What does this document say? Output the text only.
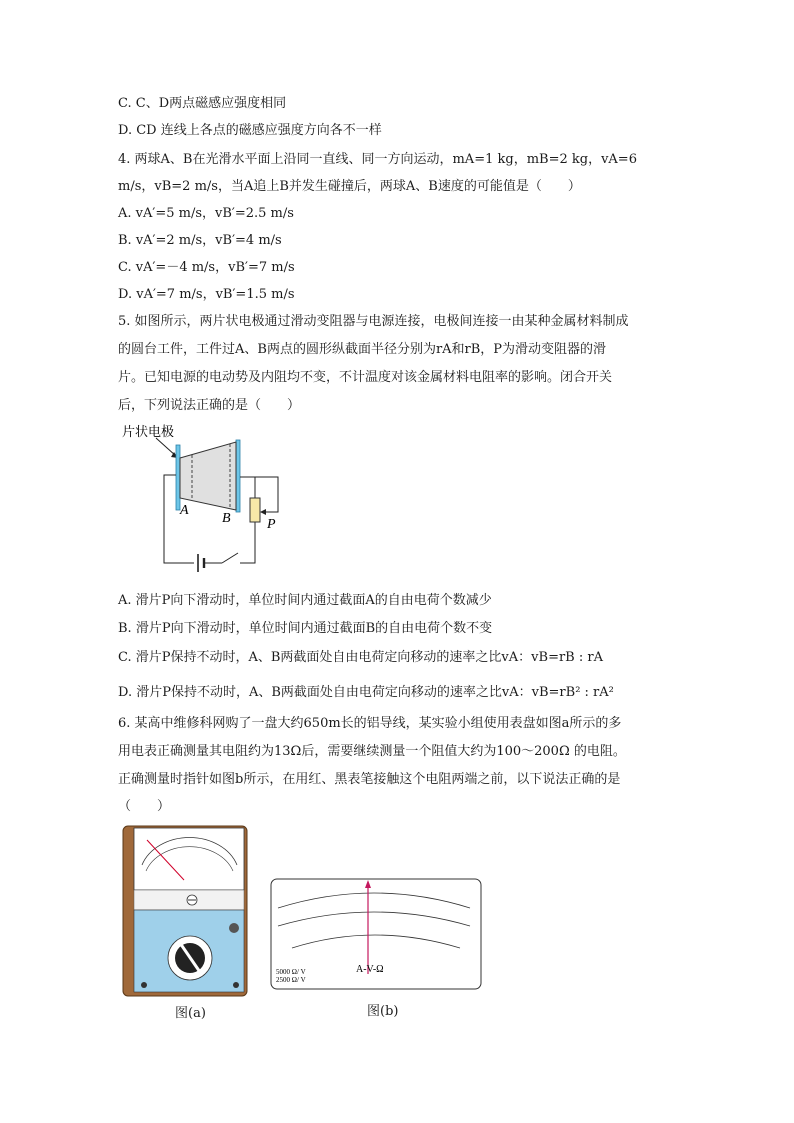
C. C、D两点磁感应强度相同
D. CD 连线上各点的磁感应强度方向各不一样
4. 两球A、B在光滑水平面上沿同一直线、同一方向运动，mA=1 kg，mB=2 kg，vA=6
m/s，vB=2 m/s，当A追上B并发生碰撞后，两球A、B速度的可能值是（　　）
A. vA′=5 m/s，vB′=2.5 m/s
B. vA′=2 m/s，vB′=4 m/s
C. vA′=－4 m/s，vB′=7 m/s
D. vA′=7 m/s，vB′=1.5 m/s
5. 如图所示，两片状电极通过滑动变阻器与电源连接，电极间连接一由某种金属材料制成
的圆台工件，工件过A、B两点的圆形纵截面半径分别为rA和rB，P为滑动变阻器的滑
片。已知电源的电动势及内阻均不变，不计温度对该金属材料电阻率的影响。闭合开关
后，下列说法正确的是（　　）
片状电极
A
B	P
A. 滑片P向下滑动时，单位时间内通过截面A的自由电荷个数减少
B. 滑片P向下滑动时，单位时间内通过截面B的自由电荷个数不变
C. 滑片P保持不动时，A、B两截面处自由电荷定向移动的速率之比vA：vB=rB : rA
D. 滑片P保持不动时，A、B两截面处自由电荷定向移动的速率之比vA：vB=rB² : rA²
6. 某高中维修科网购了一盘大约650m长的铝导线，某实验小组使用表盘如图a所示的多
用电表正确测量其电阻约为13Ω后，需要继续测量一个阻值大约为100～200Ω 的电阻。
正确测量时指针如图b所示，在用红、黑表笔接触这个电阻两端之前，以下说法正确的是
（　　）
图(a)
A-V-Ω
5000 Ω/ V
2500 Ω/ V
图(b)
